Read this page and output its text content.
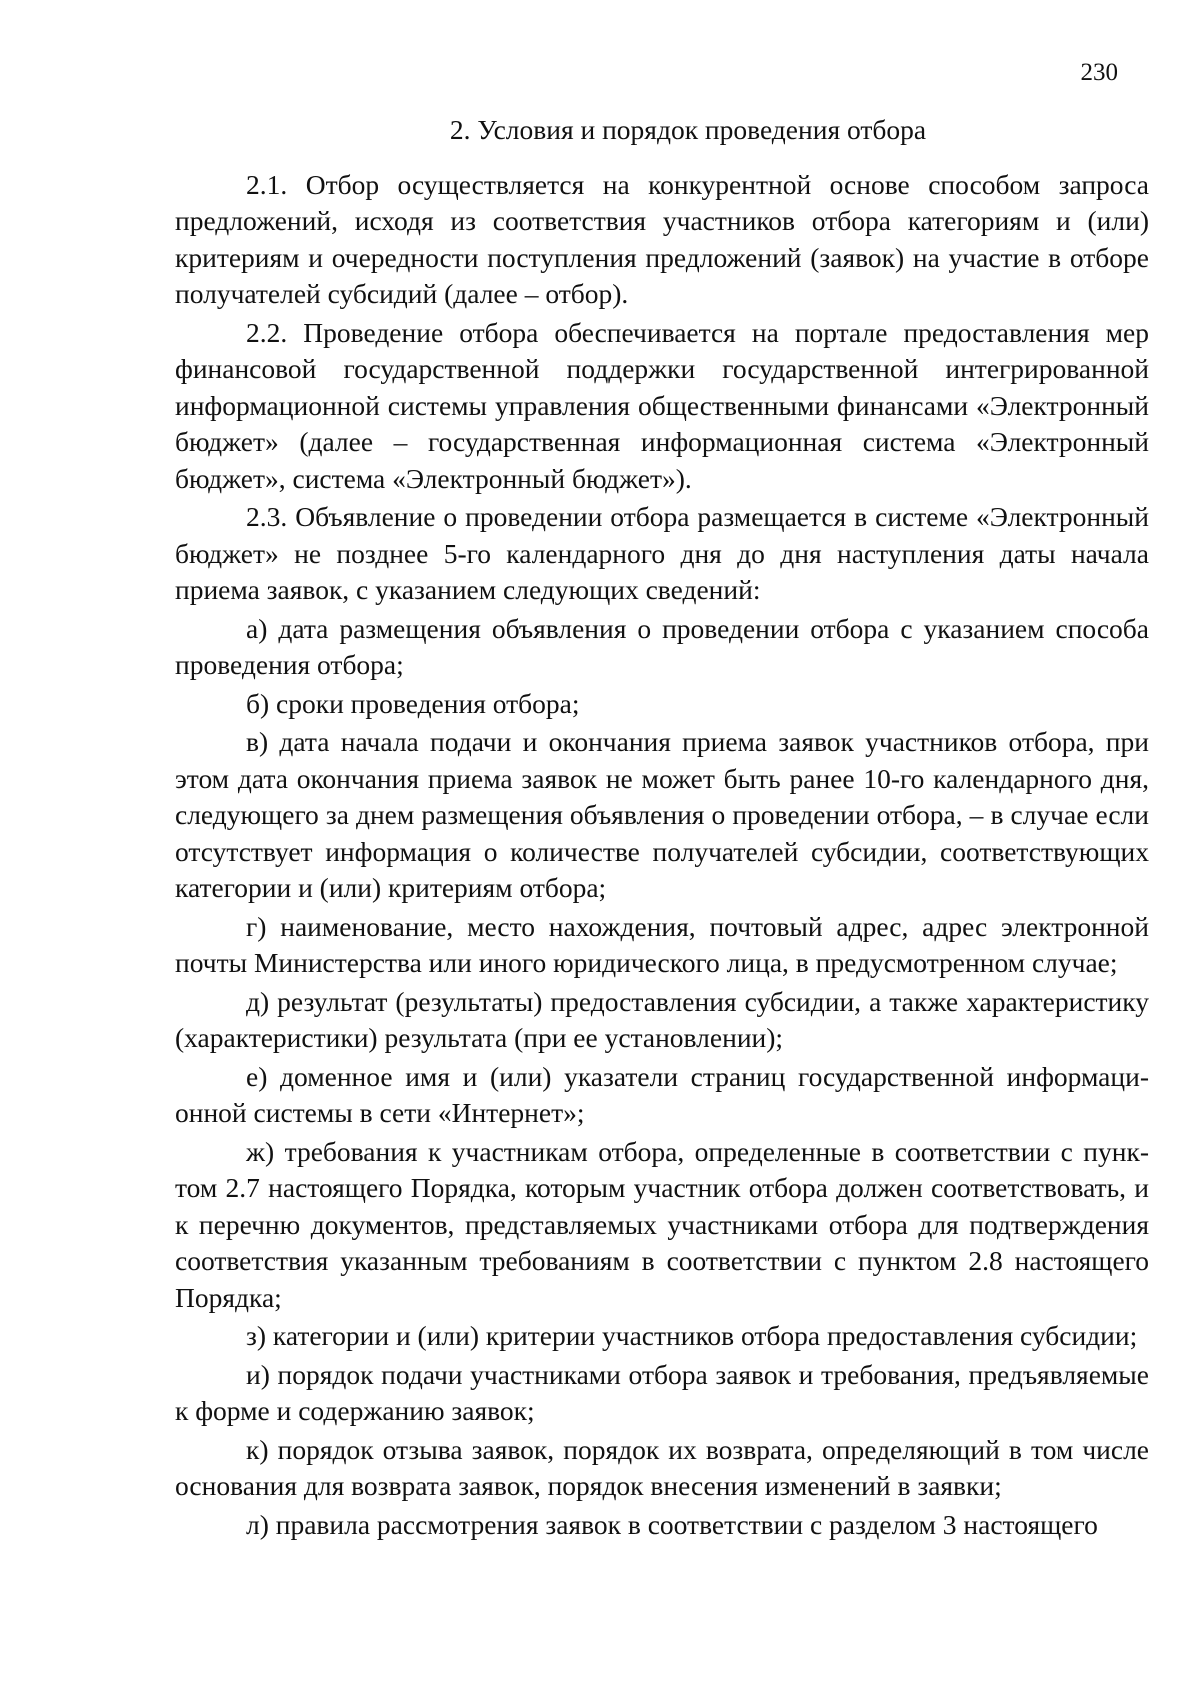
230
2. Условия и порядок проведения отбора

2.1. Отбор осуществляется на конкурентной основе способом запроса предложений, исходя из соответствия участников отбора категориям и (или) критериям и очередности поступления предложений (заявок) на участие в отборе получателей субсидий (далее – отбор).

2.2. Проведение отбора обеспечивается на портале предоставления мер финансовой государственной поддержки государственной интегрированной информационной системы управления общественными финансами «Электронный бюджет» (далее – государственная информационная система «Электронный бюджет», система «Электронный бюджет»).

2.3. Объявление о проведении отбора размещается в системе «Электронный бюджет» не позднее 5-го календарного дня до дня наступления даты начала приема заявок, с указанием следующих сведений:

а) дата размещения объявления о проведении отбора с указанием способа проведения отбора;

б) сроки проведения отбора;

в) дата начала подачи и окончания приема заявок участников отбора, при этом дата окончания приема заявок не может быть ранее 10-го календарного дня, следующего за днем размещения объявления о проведении отбора, – в случае если отсутствует информация о количестве получателей субсидии, соответствующих категории и (или) критериям отбора;

г) наименование, место нахождения, почтовый адрес, адрес электронной почты Министерства или иного юридического лица, в предусмотренном случае;

д) результат (результаты) предоставления субсидии, а также характеристику (характеристики) результата (при ее установлении);

е) доменное имя и (или) указатели страниц государственной информационной системы в сети «Интернет»;

ж) требования к участникам отбора, определенные в соответствии с пунктом 2.7 настоящего Порядка, которым участник отбора должен соответствовать, и к перечню документов, представляемых участниками отбора для подтверждения соответствия указанным требованиям в соответствии с пунктом 2.8 настоящего Порядка;

з) категории и (или) критерии участников отбора предоставления субсидии;

и) порядок подачи участниками отбора заявок и требования, предъявляемые к форме и содержанию заявок;

к) порядок отзыва заявок, порядок их возврата, определяющий в том числе основания для возврата заявок, порядок внесения изменений в заявки;

л) правила рассмотрения заявок в соответствии с разделом 3 настоящего
